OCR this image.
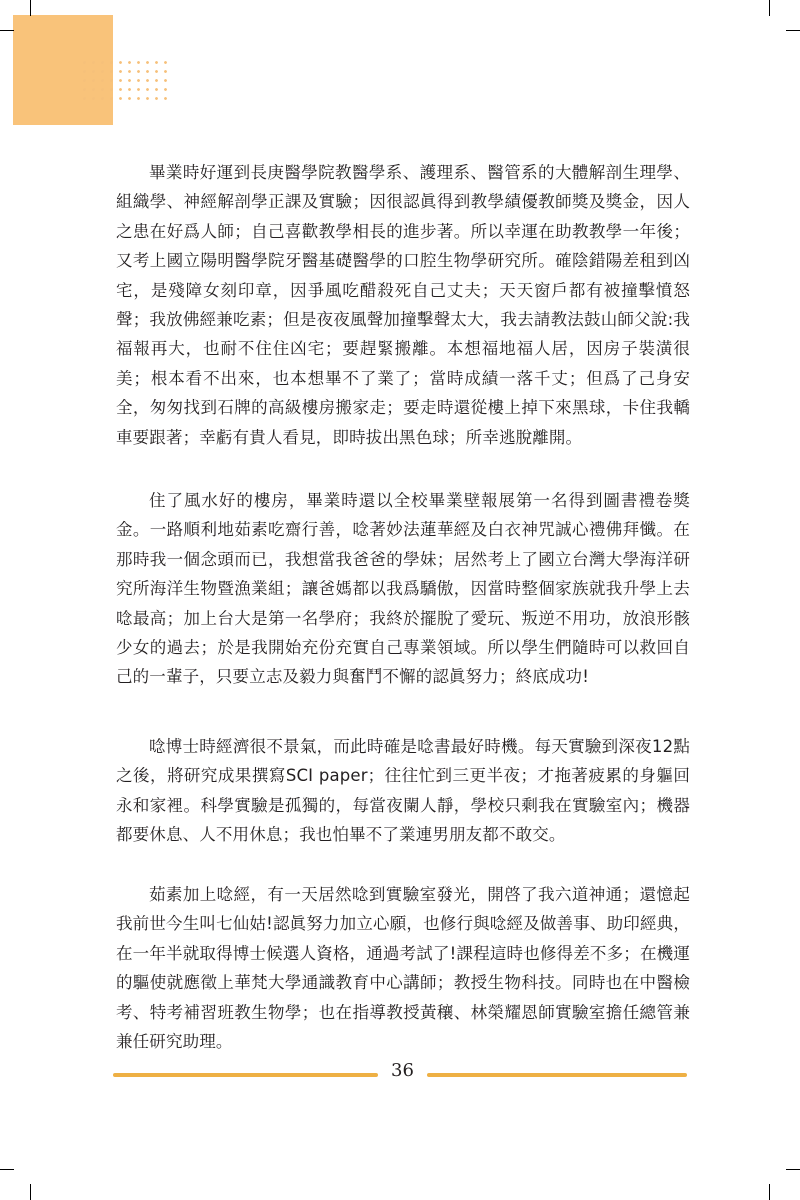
畢業時好運到長庚醫學院教醫學系、護理系、醫管系的大體解剖生理學、組織學、神經解剖學正課及實驗；因很認眞得到教學績優教師獎及獎金，因人之患在好爲人師；自己喜歡教學相長的進步著。所以幸運在助教教學一年後；又考上國立陽明醫學院牙醫基礎醫學的口腔生物學研究所。確陰錯陽差租到凶宅，是殘障女刻印章，因爭風吃醋殺死自己丈夫；天天窗戶都有被撞擊憤怒聲；我放佛經兼吃素；但是夜夜風聲加撞擊聲太大，我去請教法鼓山師父說:我福報再大，也耐不住住凶宅；要趕緊搬離。本想福地福人居，因房子裝潢很美；根本看不出來，也本想畢不了業了；當時成績一落千丈；但爲了己身安全，匆匆找到石牌的高級樓房搬家走；要走時還從樓上掉下來黑球，卡住我轎車要跟著；幸虧有貴人看見，即時拔出黑色球；所幸逃脫離開。

住了風水好的樓房，畢業時還以全校畢業壁報展第一名得到圖書禮卷獎金。一路順利地茹素吃齋行善，唸著妙法蓮華經及白衣神咒誠心禮佛拜懺。在那時我一個念頭而已，我想當我爸爸的學妹；居然考上了國立台灣大學海洋研究所海洋生物暨漁業組；讓爸媽都以我爲驕傲，因當時整個家族就我升學上去唸最高；加上台大是第一名學府；我終於擺脫了愛玩、叛逆不用功，放浪形骸少女的過去；於是我開始充份充實自己專業領域。所以學生們隨時可以救回自己的一輩子，只要立志及毅力與奮鬥不懈的認眞努力；終底成功!

唸博士時經濟很不景氣，而此時確是唸書最好時機。每天實驗到深夜12點之後，將研究成果撰寫SCI paper；往往忙到三更半夜；才拖著疲累的身軀回永和家裡。科學實驗是孤獨的，每當夜闌人靜，學校只剩我在實驗室內；機器都要休息、人不用休息；我也怕畢不了業連男朋友都不敢交。

茹素加上唸經，有一天居然唸到實驗室發光，開啓了我六道神通；還憶起我前世今生叫七仙姑!認眞努力加立心願，也修行與唸經及做善事、助印經典，在一年半就取得博士候選人資格，通過考試了!課程這時也修得差不多；在機運的驅使就應徵上華梵大學通識教育中心講師；教授生物科技。同時也在中醫檢考、特考補習班教生物學；也在指導教授黃穰、林榮耀恩師實驗室擔任總管兼兼任研究助理。

36
